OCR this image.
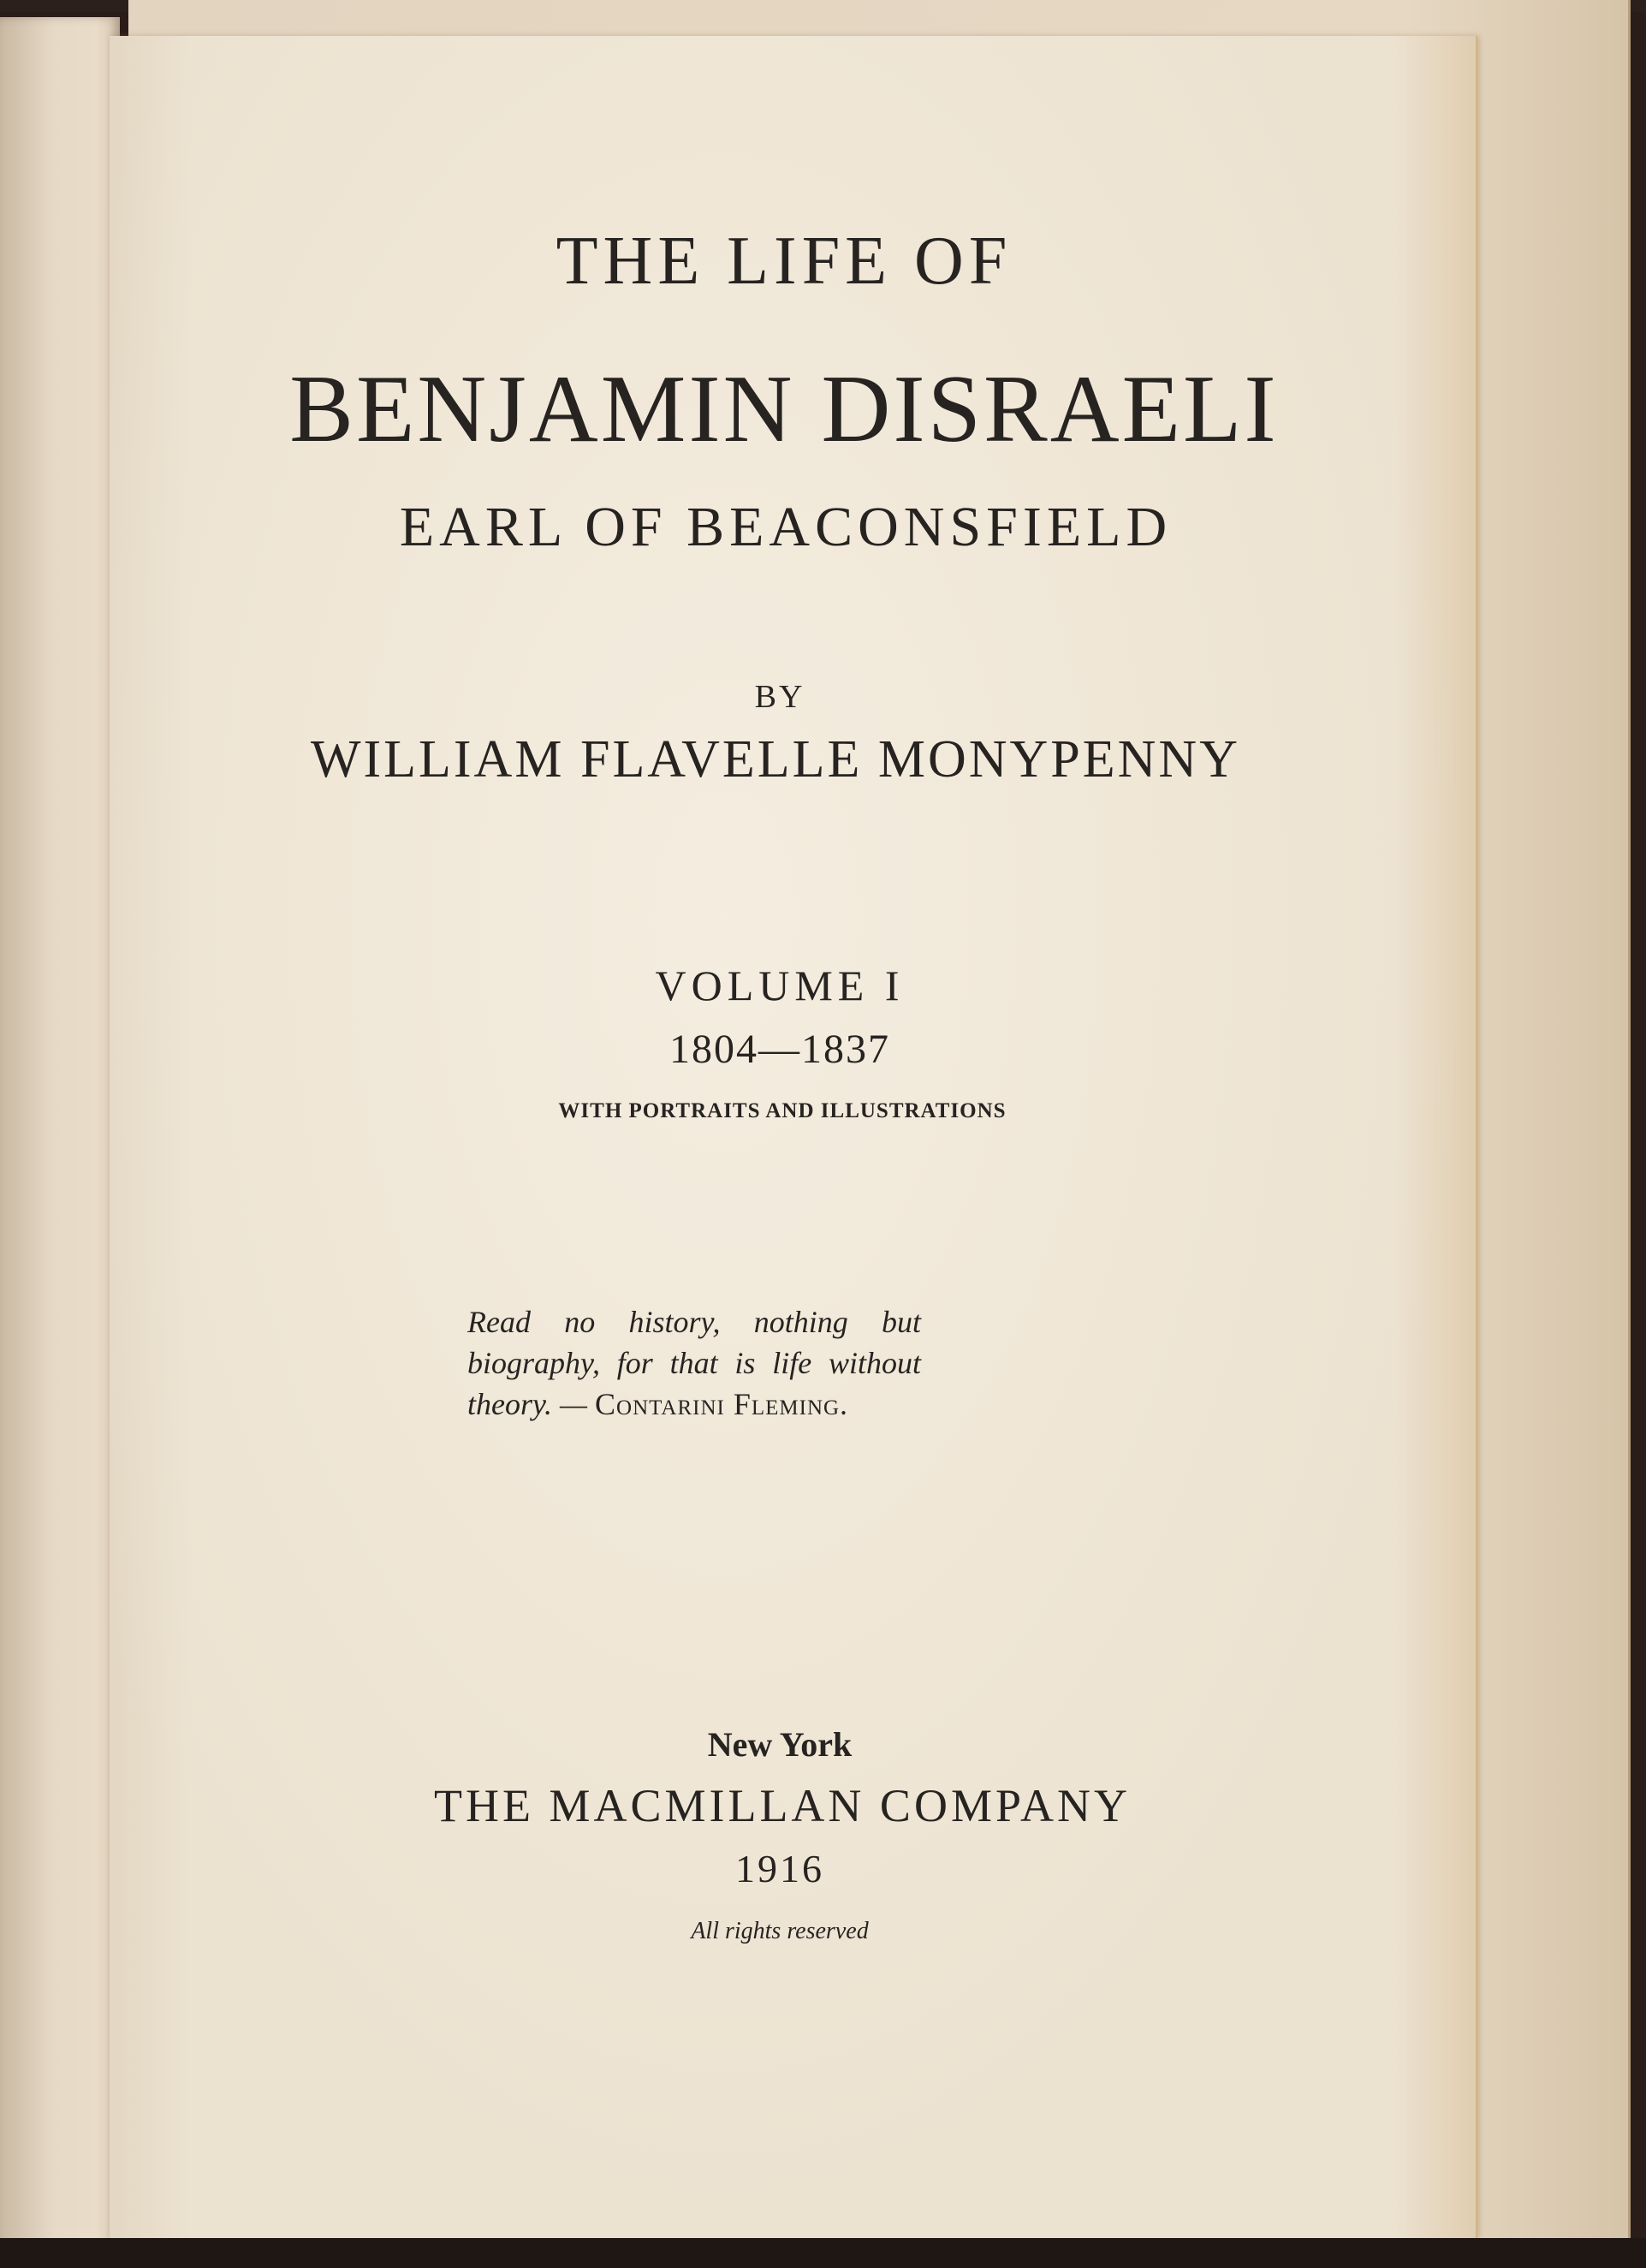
THE LIFE OF
BENJAMIN DISRAELI
EARL OF BEACONSFIELD
BY
WILLIAM FLAVELLE MONYPENNY
VOLUME I
1804—1837
WITH PORTRAITS AND ILLUSTRATIONS
Read no history, nothing but biography, for that is life without theory. — Contarini Fleming.
New York
THE MACMILLAN COMPANY
1916
All rights reserved
